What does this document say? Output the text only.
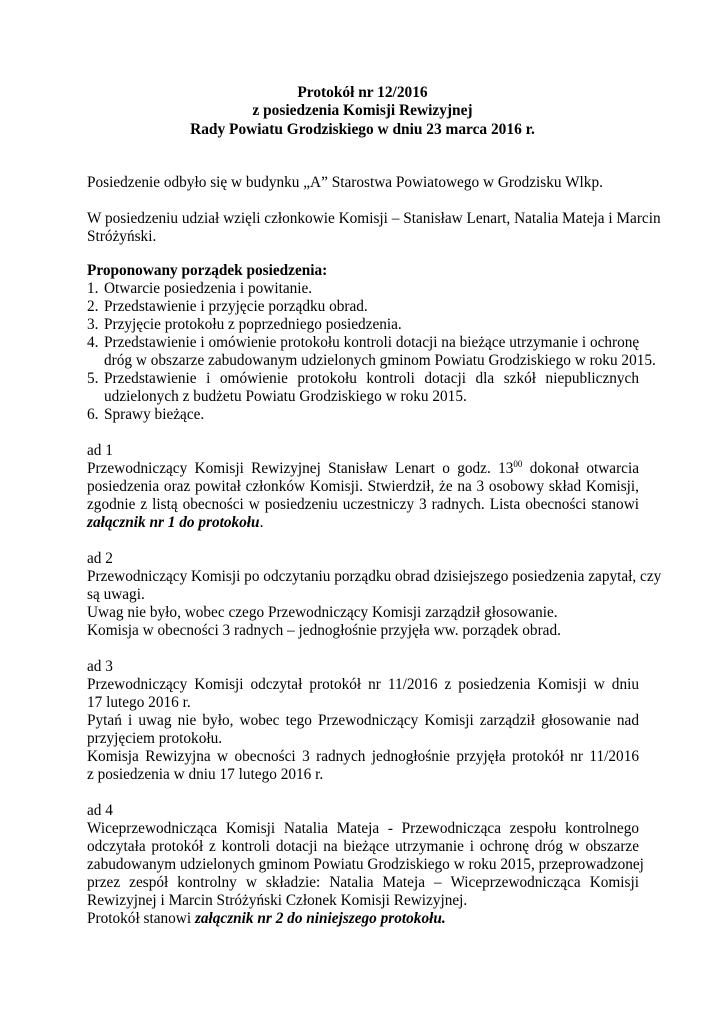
Protokół nr 12/2016
z posiedzenia Komisji Rewizyjnej
Rady Powiatu Grodziskiego w dniu 23 marca 2016 r.
Posiedzenie odbyło się w budynku „A” Starostwa Powiatowego w Grodzisku Wlkp.
W posiedzeniu udział wzięli członkowie Komisji – Stanisław Lenart, Natalia Mateja i Marcin
Stróżyński.
Proponowany porządek posiedzenia:
1. Otwarcie posiedzenia i powitanie.
2. Przedstawienie i przyjęcie porządku obrad.
3. Przyjęcie protokołu z poprzedniego posiedzenia.
4. Przedstawienie i omówienie protokołu kontroli dotacji na bieżące utrzymanie i ochronę
dróg w obszarze zabudowanym udzielonych gminom Powiatu Grodziskiego w roku 2015.
5. Przedstawienie i omówienie protokołu kontroli dotacji dla szkół niepublicznych
udzielonych z budżetu Powiatu Grodziskiego w roku 2015.
6. Sprawy bieżące.
ad 1
Przewodniczący Komisji Rewizyjnej Stanisław Lenart o godz. $13^{00}$ dokonał otwarcia
posiedzenia oraz powitał członków Komisji. Stwierdził, że na 3 osobowy skład Komisji,
zgodnie z listą obecności w posiedzeniu uczestniczy 3 radnych. Lista obecności stanowi
załącznik nr 1 do protokołu.
ad 2
Przewodniczący Komisji po odczytaniu porządku obrad dzisiejszego posiedzenia zapytał, czy
są uwagi.
Uwag nie było, wobec czego Przewodniczący Komisji zarządził głosowanie.
Komisja w obecności 3 radnych – jednogłośnie przyjęła ww. porządek obrad.
ad 3
Przewodniczący Komisji odczytał protokół nr 11/2016 z posiedzenia Komisji w dniu
17 lutego 2016 r.
Pytań i uwag nie było, wobec tego Przewodniczący Komisji zarządził głosowanie nad
przyjęciem protokołu.
Komisja Rewizyjna w obecności 3 radnych jednogłośnie przyjęła protokół nr 11/2016
z posiedzenia w dniu 17 lutego 2016 r.
ad 4
Wiceprzewodnicząca Komisji Natalia Mateja - Przewodnicząca zespołu kontrolnego
odczytała protokół z kontroli dotacji na bieżące utrzymanie i ochronę dróg w obszarze
zabudowanym udzielonych gminom Powiatu Grodziskiego w roku 2015, przeprowadzonej
przez zespół kontrolny w składzie: Natalia Mateja – Wiceprzewodnicząca Komisji
Rewizyjnej i Marcin Stróżyński Członek Komisji Rewizyjnej.
Protokół stanowi załącznik nr 2 do niniejszego protokołu.
